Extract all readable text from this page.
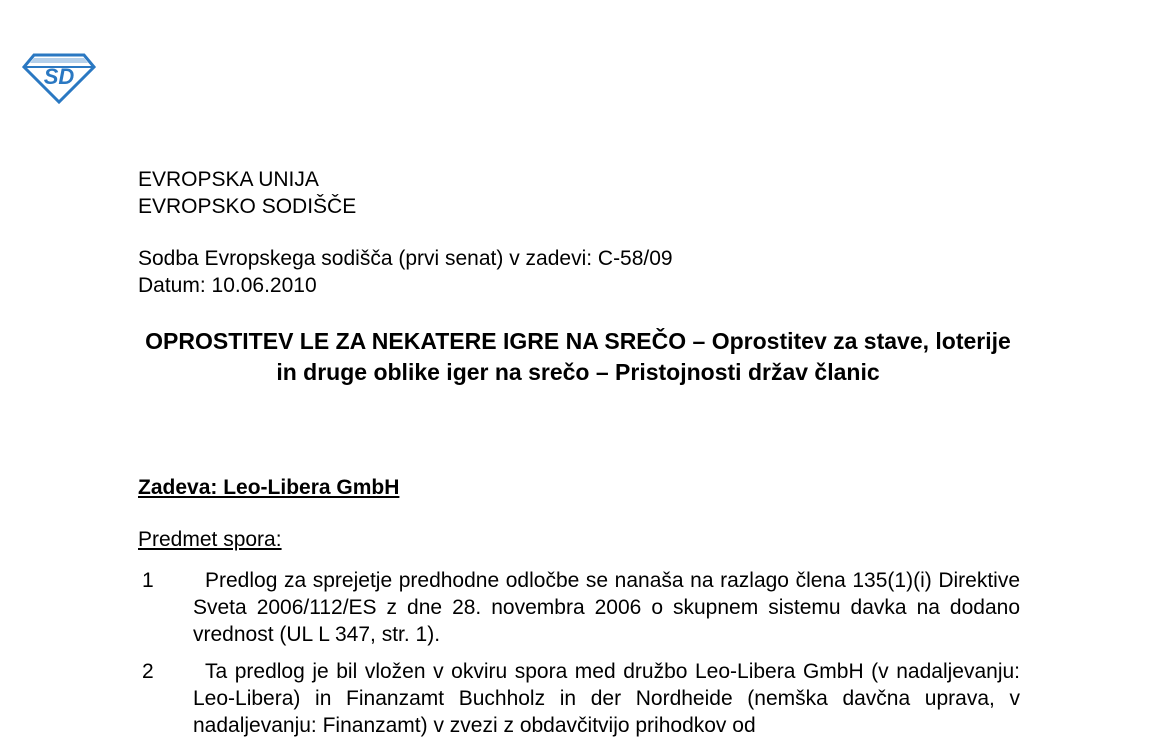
SD
EVROPSKA UNIJA
EVROPSKO SODIŠČE
Sodba Evropskega sodišča (prvi senat) v zadevi: C-58/09
Datum: 10.06.2010
OPROSTITEV LE ZA NEKATERE IGRE NA SREČO – Oprostitev za stave, loterije in druge oblike iger na srečo – Pristojnosti držav članic
Zadeva: Leo-Libera GmbH
Predmet spora:
1	Predlog za sprejetje predhodne odločbe se nanaša na razlago člena 135(1)(i) Direktive Sveta 2006/112/ES z dne 28. novembra 2006 o skupnem sistemu davka na dodano vrednost (UL L 347, str. 1).
2	Ta predlog je bil vložen v okviru spora med družbo Leo-Libera GmbH (v nadaljevanju: Leo-Libera) in Finanzamt Buchholz in der Nordheide (nemška davčna uprava, v nadaljevanju: Finanzamt) v zvezi z obdavčitvijo prihodkov od
